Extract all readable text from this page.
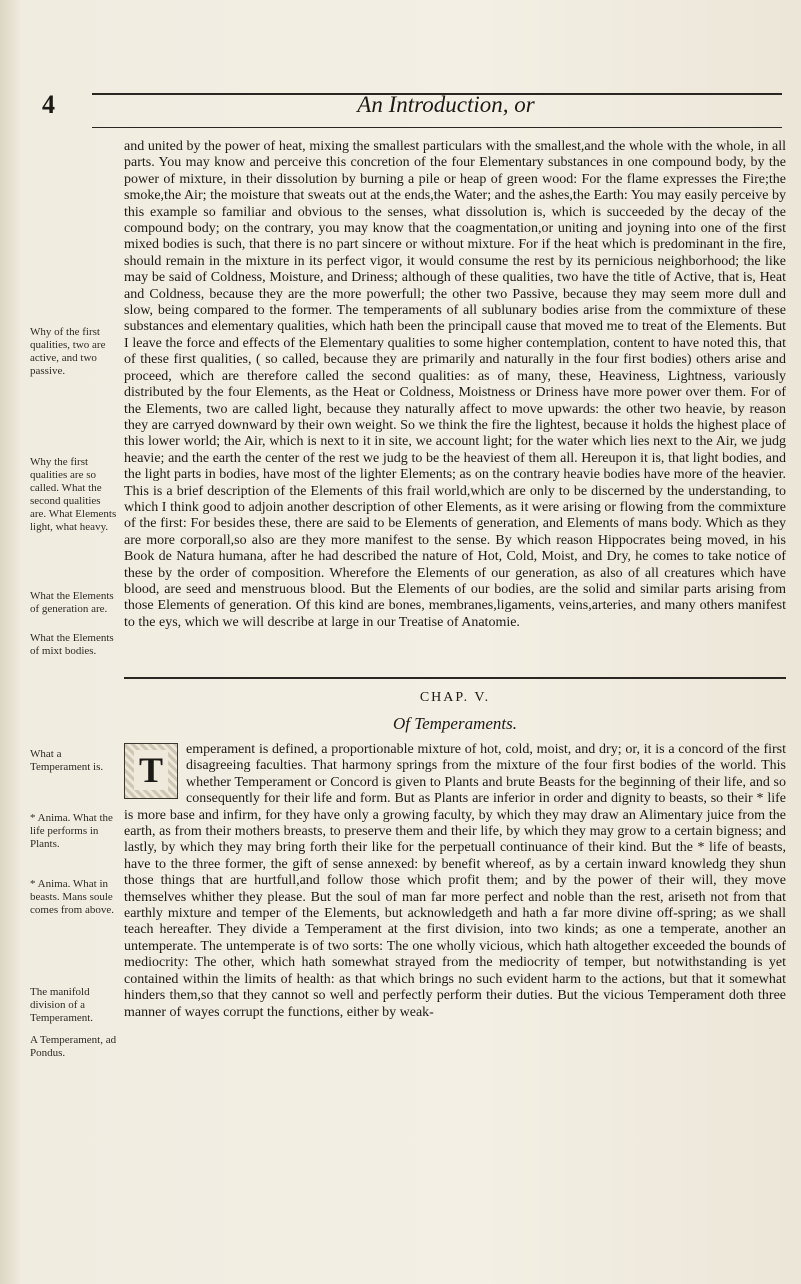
4	An Introduction, or
Why of the first qualities, two are active, and two passive.
Why the first qualities are so called. What the second qualities are. What Elements light, what heavy.
What the Elements of generation are.
What the Elements of mixt bodies.

and united by the power of heat, mixing the smallest particulars with the smallest,and the whole with the whole, in all parts. You may know and perceive this concretion of the four Elementary substances in one compound body, by the power of mixture, in their dissolution by burning a pile or heap of green wood: For the flame expresses the Fire;the smoke,the Air; the moisture that sweats out at the ends,the Water; and the ashes,the Earth: You may easily perceive by this example so familiar and obvious to the senses, what dissolution is, which is succeeded by the decay of the compound body; on the contrary, you may know that the coagmentation,or uniting and joyning into one of the first mixed bodies is such, that there is no part sincere or without mixture. For if the heat which is predominant in the fire, should remain in the mixture in its perfect vigor, it would consume the rest by its pernicious neighborhood; the like may be said of Coldness, Moisture, and Driness; although of these qualities, two have the title of Active, that is, Heat and Coldness, because they are the more powerfull; the other two Passive, because they may seem more dull and slow, being compared to the former. The temperaments of all sublunary bodies arise from the commixture of these substances and elementary qualities, which hath been the principall cause that moved me to treat of the Elements. But I leave the force and effects of the Elementary qualities to some higher contemplation, content to have noted this, that of these first qualities, ( so called, because they are primarily and naturally in the four first bodies) others arise and proceed, which are therefore called the second qualities: as of many, these, Heaviness, Lightness, variously distributed by the four Elements, as the Heat or Coldness, Moistness or Driness have more power over them. For of the Elements, two are called light, because they naturally affect to move upwards: the other two heavie, by reason they are carryed downward by their own weight. So we think the fire the lightest, because it holds the highest place of this lower world; the Air, which is next to it in site, we account light; for the water which lies next to the Air, we judg heavie; and the earth the center of the rest we judg to be the heaviest of them all. Hereupon it is, that light bodies, and the light parts in bodies, have most of the lighter Elements; as on the contrary heavie bodies have more of the heavier. This is a brief description of the Elements of this frail world,which are only to be discerned by the understanding, to which I think good to adjoin another description of other Elements, as it were arising or flowing from the commixture of the first: For besides these, there are said to be Elements of generation, and Elements of mans body. Which as they are more corporall,so also are they more manifest to the sense. By which reason Hippocrates being moved, in his Book de Natura humana, after he had described the nature of Hot, Cold, Moist, and Dry, he comes to take notice of these by the order of composition. Wherefore the Elements of our generation, as also of all creatures which have blood, are seed and menstruous blood. But the Elements of our bodies, are the solid and similar parts arising from those Elements of generation. Of this kind are bones, membranes,ligaments, veins,arteries, and many others manifest to the eys, which we will describe at large in our Treatise of Anatomie.

CHAP. V.
Of Temperaments.
What a Temperament is.
* Anima. What the life performs in Plants.
* Anima. What in beasts. Mans soule comes from above.
The manifold division of a Temperament.
A Temperament, ad Pondus.
T

emperament is defined, a proportionable mixture of hot, cold, moist, and dry; or, it is a concord of the first disagreeing faculties. That harmony springs from the mixture of the four first bodies of the world. This whether Temperament or Concord is given to Plants and brute Beasts for the beginning of their life, and so consequently for their life and form. But as Plants are inferior in order and dignity to beasts, so their * life is more base and infirm, for they have only a growing faculty, by which they may draw an Alimentary juice from the earth, as from their mothers breasts, to preserve them and their life, by which they may grow to a certain bigness; and lastly, by which they may bring forth their like for the perpetuall continuance of their kind. But the * life of beasts, have to the three former, the gift of sense annexed: by benefit whereof, as by a certain inward knowledg they shun those things that are hurtfull,and follow those which profit them; and by the power of their will, they move themselves whither they please. But the soul of man far more perfect and noble than the rest, ariseth not from that earthly mixture and temper of the Elements, but acknowledgeth and hath a far more divine off-spring; as we shall teach hereafter. They divide a Temperament at the first division, into two kinds; as one a temperate, another an untemperate. The untemperate is of two sorts: The one wholly vicious, which hath altogether exceeded the bounds of mediocrity: The other, which hath somewhat strayed from the mediocrity of temper, but notwithstanding is yet contained within the limits of health: as that which brings no such evident harm to the actions, but that it somewhat hinders them,so that they cannot so well and perfectly perform their duties. But the vicious Temperament doth three manner of wayes corrupt the functions, either by weak-
